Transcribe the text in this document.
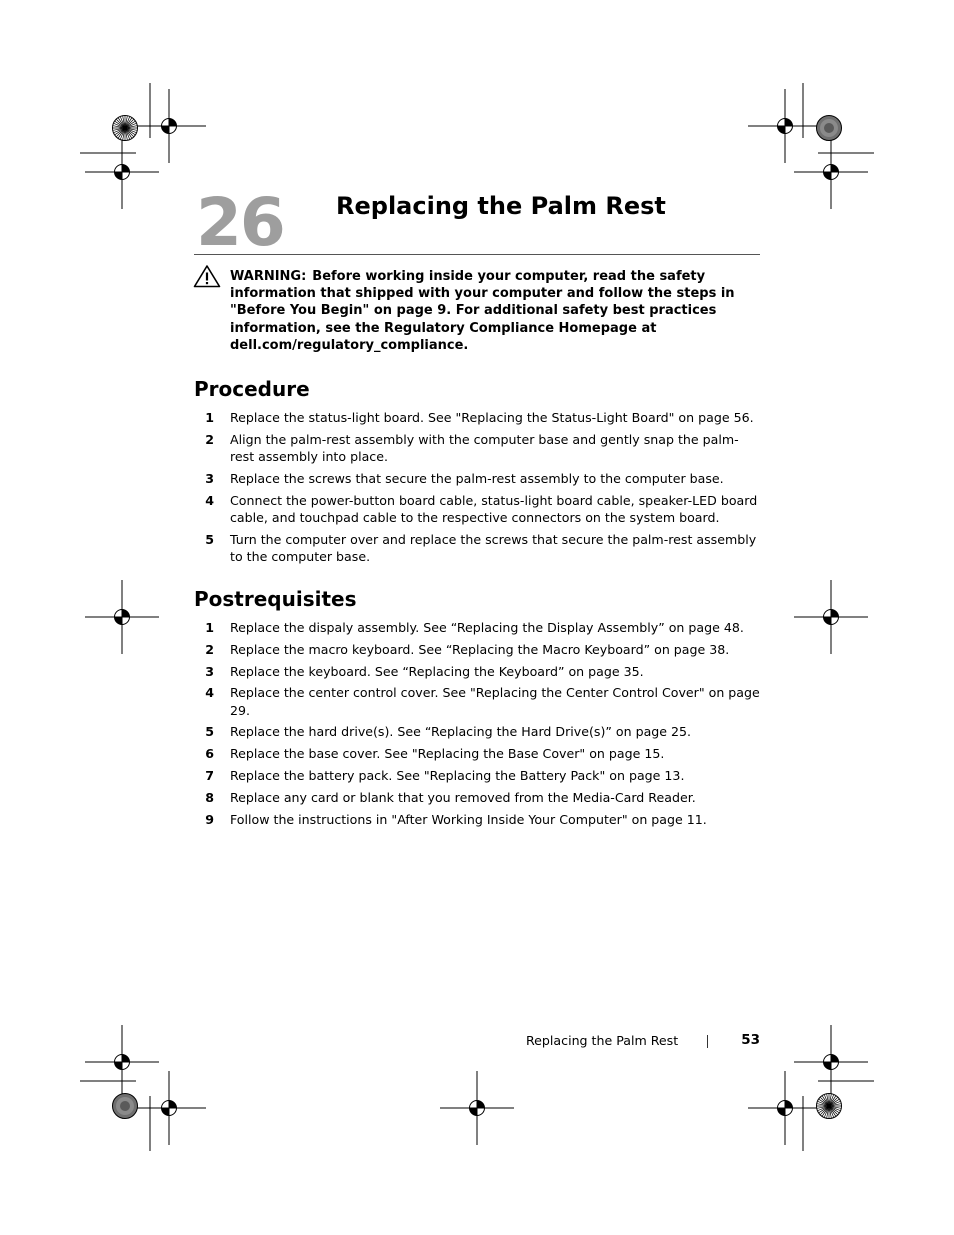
26 Replacing the Palm Rest
WARNING: Before working inside your computer, read the safety information that shipped with your computer and follow the steps in "Before You Begin" on page 9. For additional safety best practices information, see the Regulatory Compliance Homepage at dell.com/regulatory_compliance.
Procedure
1 Replace the status-light board. See "Replacing the Status-Light Board" on page 56.
2 Align the palm-rest assembly with the computer base and gently snap the palm-rest assembly into place.
3 Replace the screws that secure the palm-rest assembly to the computer base.
4 Connect the power-button board cable, status-light board cable, speaker-LED board cable, and touchpad cable to the respective connectors on the system board.
5 Turn the computer over and replace the screws that secure the palm-rest assembly to the computer base.
Postrequisites
1 Replace the dispaly assembly. See “Replacing the Display Assembly” on page 48.
2 Replace the macro keyboard. See “Replacing the Macro Keyboard” on page 38.
3 Replace the keyboard. See “Replacing the Keyboard” on page 35.
4 Replace the center control cover. See "Replacing the Center Control Cover" on page 29.
5 Replace the hard drive(s). See “Replacing the Hard Drive(s)” on page 25.
6 Replace the base cover. See "Replacing the Base Cover" on page 15.
7 Replace the battery pack. See "Replacing the Battery Pack" on page 13.
8 Replace any card or blank that you removed from the Media-Card Reader.
9 Follow the instructions in "After Working Inside Your Computer" on page 11.
Replacing the Palm Rest	53
